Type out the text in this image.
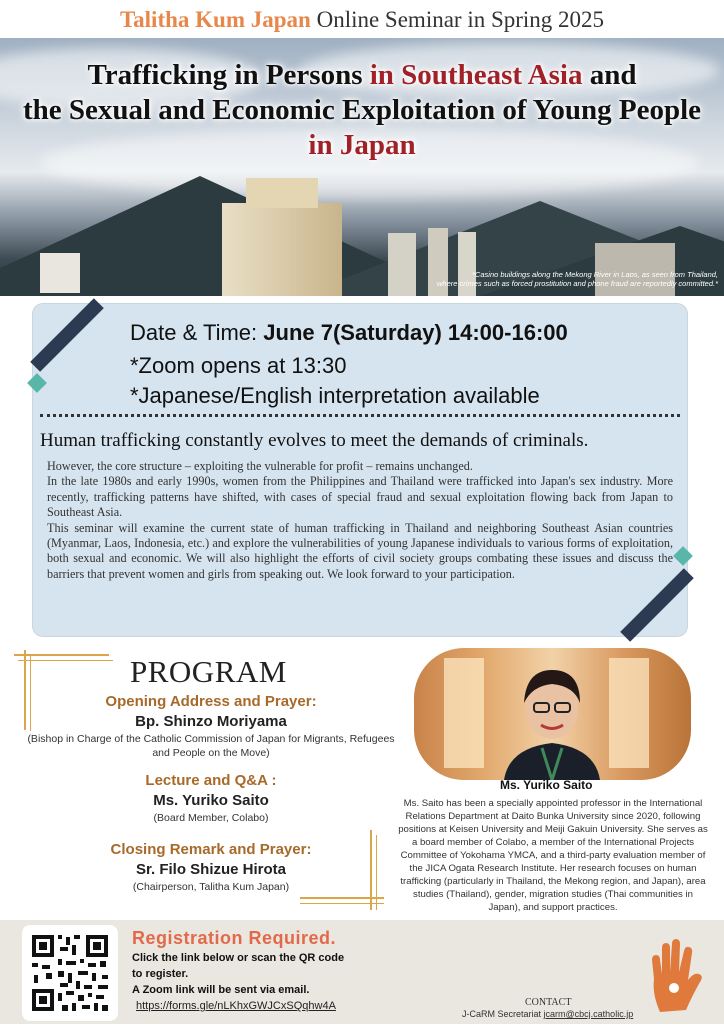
Talitha Kum Japan Online Seminar in Spring 2025
Trafficking in Persons in Southeast Asia and
the Sexual and Economic Exploitation of Young People
in Japan
*Casino buildings along the Mekong River in Laos, as seen from Thailand,
where crimes such as forced prostitution and phone fraud are reportedly committed.*
Date & Time: June 7(Saturday) 14:00-16:00
*Zoom opens at 13:30
*Japanese/English interpretation available
Human trafficking constantly evolves to meet the demands of criminals.

However, the core structure – exploiting the vulnerable for profit – remains unchanged.

In the late 1980s and early 1990s, women from the Philippines and Thailand were trafficked into Japan's sex industry. More recently, trafficking patterns have shifted, with cases of special fraud and sexual exploitation flowing back from Japan to Southeast Asia.

This seminar will examine the current state of human trafficking in Thailand and neighboring Southeast Asian countries (Myanmar, Laos, Indonesia, etc.) and explore the vulnerabilities of young Japanese individuals to various forms of exploitation, both sexual and economic. We will also highlight the efforts of civil society groups combating these issues and discuss the barriers that prevent women and girls from speaking out. We look forward to your participation.

PROGRAM
Opening Address and Prayer:
Bp. Shinzo Moriyama
(Bishop in Charge of the Catholic Commission of Japan for Migrants, Refugees and People on the Move)
Lecture and Q&A :
Ms. Yuriko Saito
(Board Member, Colabo)
Closing Remark and Prayer:
Sr. Filo Shizue Hirota
(Chairperson, Talitha Kum Japan)
Ms. Yuriko Saito
Ms. Saito has been a specially appointed professor in the International Relations Department at Daito Bunka University since 2020, following positions at Keisen University and Meiji Gakuin University. She serves as a board member of Colabo, a member of the International Projects Committee of Yokohama YMCA, and a third-party evaluation member of the JICA Ogata Research Institute. Her research focuses on human trafficking (particularly in Thailand, the Mekong region, and Japan), area studies (Thailand), gender, migration studies (Thai communities in Japan), and support practices.
Registration Required.
Click the link below or scan the QR code
to register.
A Zoom link will be sent via email.
https://forms.gle/nLKhxGWJCxSQqhw4A	CONTACT
J-CaRM Secretariat jcarm@cbcj.catholic.jp
